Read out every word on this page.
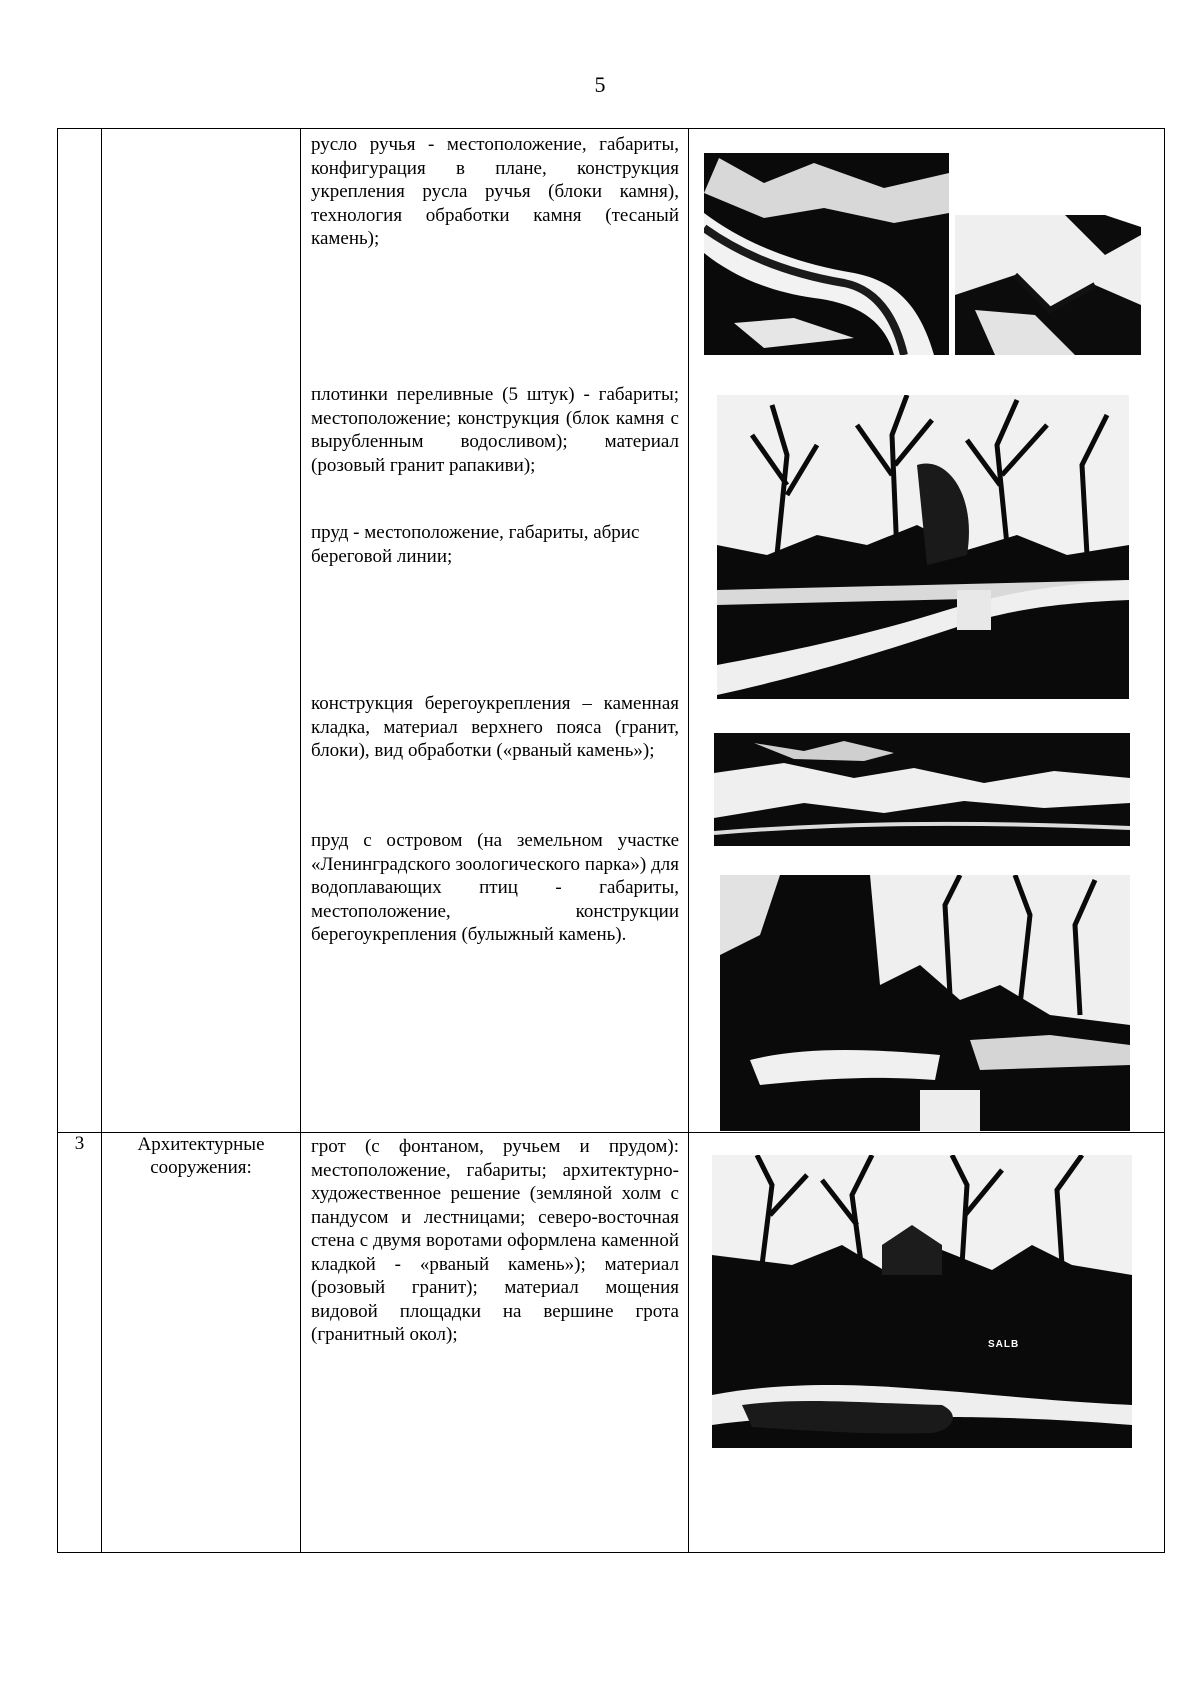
5

		русло ручья - местоположение, габариты, конфигурация в плане, конструкция укрепления русла ручья (блоки камня), технология обработки камня (тесаный камень);
плотинки переливные (5 штук) - габариты; местоположение; конструкция (блок камня с вырубленным водосливом); материал (розовый гранит рапакиви);
пруд - местоположение, габариты, абрис береговой линии;
конструкция берегоукрепления – каменная кладка, материал верхнего пояса (гранит, блоки), вид обработки («рваный камень»);
пруд с островом (на земельном участке «Ленинградского зоологического парка») для водоплавающих птиц - габариты, местоположение, конструкции берегоукрепления (булыжный камень).

3	Архитектурные сооружения:	грот (с фонтаном, ручьем и прудом): местоположение, габариты; архитектурно-художественное решение (земляной холм с пандусом и лестницами; северо-восточная стена с двумя воротами оформлена каменной кладкой - «рваный камень»); материал (розовый гранит); материал мощения видовой площадки на вершине грота (гранитный окол);	SALB
